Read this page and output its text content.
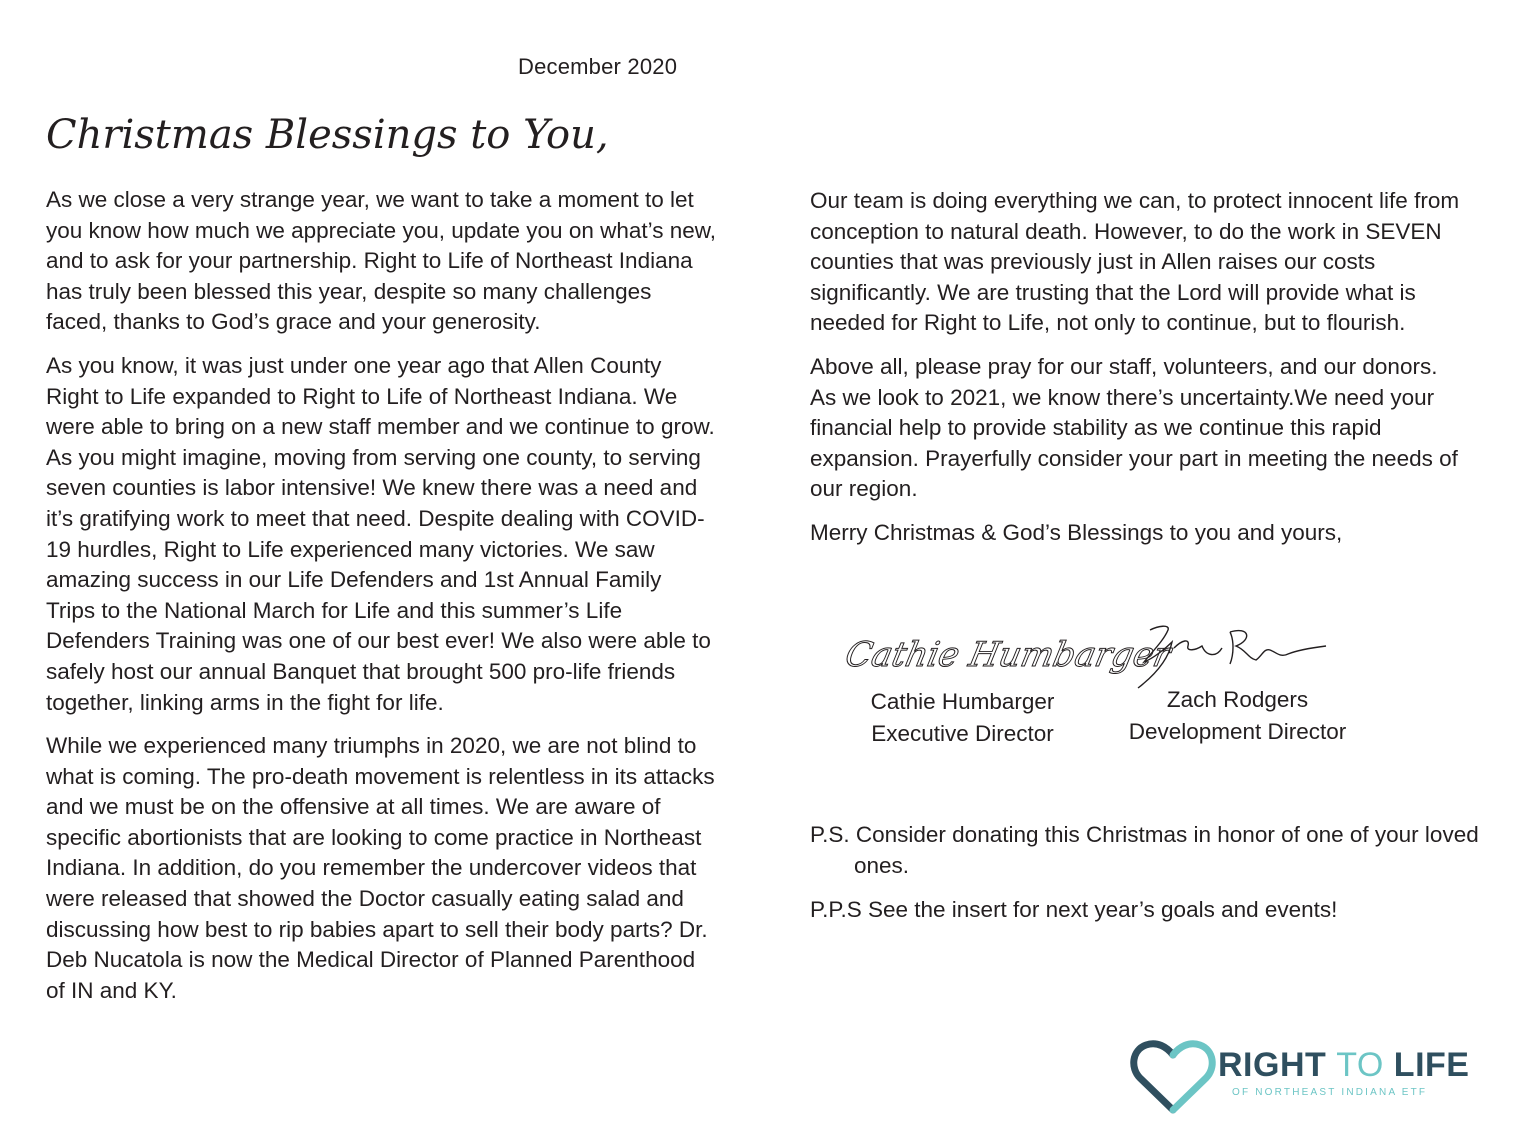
December 2020
Christmas Blessings to You,

As we close a very strange year, we want to take a moment to let you know how much we appreciate you, update you on what’s new, and to ask for your partnership. Right to Life of Northeast Indiana has truly been blessed this year, despite so many challenges faced, thanks to God’s grace and your generosity.

As you know, it was just under one year ago that Allen County Right to Life expanded to Right to Life of Northeast Indiana. We were able to bring on a new staff member and we continue to grow. As you might imagine, moving from serving one county, to serving seven counties is labor intensive! We knew there was a need and it’s gratifying work to meet that need. Despite dealing with COVID-19 hurdles, Right to Life experienced many victories. We saw amazing success in our Life Defenders and 1st Annual Family Trips to the National March for Life and this summer’s Life Defenders Training was one of our best ever! We also were able to safely host our annual Banquet that brought 500 pro-life friends together, linking arms in the fight for life.

While we experienced many triumphs in 2020, we are not blind to what is coming. The pro-death movement is relentless in its attacks and we must be on the offensive at all times. We are aware of specific abortionists that are looking to come practice in Northeast Indiana. In addition, do you remember the undercover videos that were released that showed the Doctor casually eating salad and discussing how best to rip babies apart to sell their body parts? Dr. Deb Nucatola is now the Medical Director of Planned Parenthood of IN and KY.

Our team is doing everything we can, to protect innocent life from conception to natural death. However, to do the work in SEVEN counties that was previously just in Allen raises our costs significantly. We are trusting that the Lord will provide what is needed for Right to Life, not only to continue, but to flourish.

Above all, please pray for our staff, volunteers, and our donors. As we look to 2021, we know there’s uncertainty.We need your financial help to provide stability as we continue this rapid expansion. Prayerfully consider your part in meeting the needs of our region.

Merry Christmas & God’s Blessings to you and yours,

Cathie Humbarger
Cathie Humbarger
Executive Director
Zach Rodgers
Development Director
P.S. Consider donating this Christmas in honor of one of your loved ones.
P.P.S See the insert for next year’s goals and events!
RIGHT TO LIFE
OF NORTHEAST INDIANA ETF
